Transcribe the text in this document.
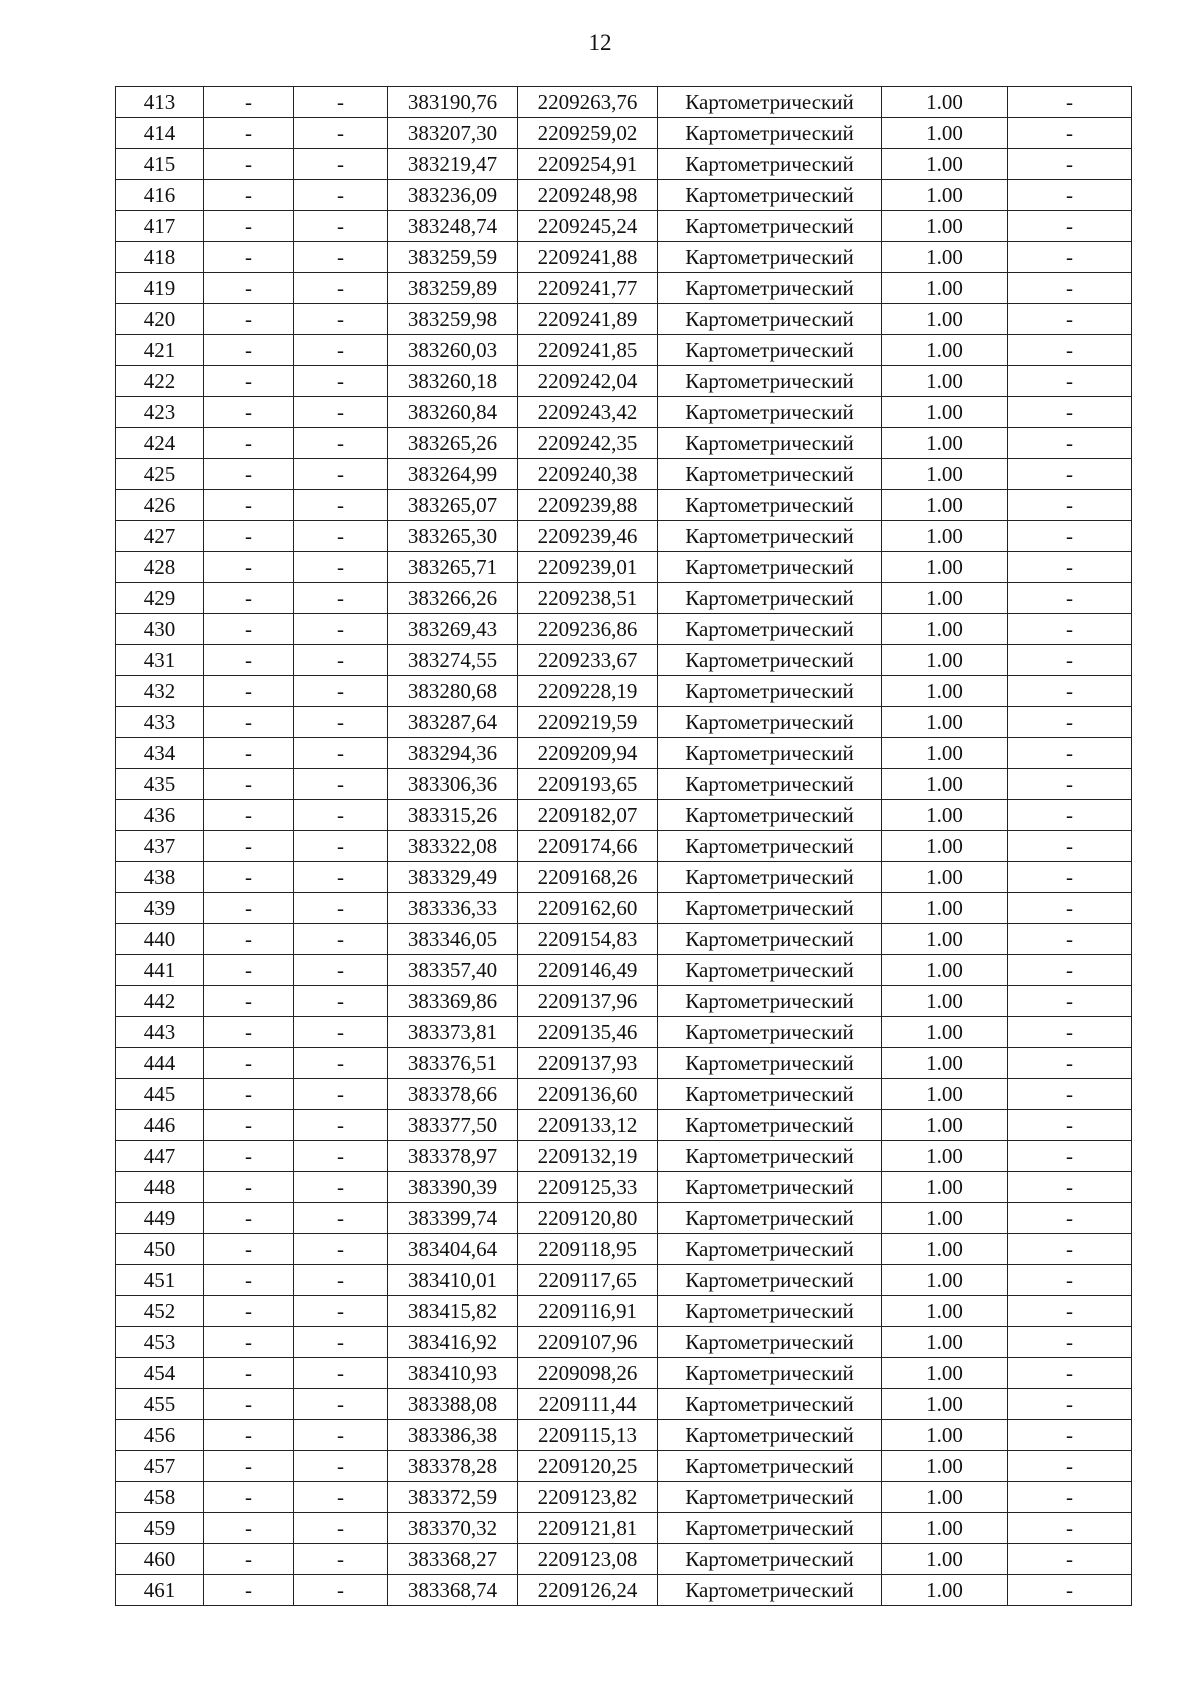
12
413	-	-	383190,76	2209263,76	Картометрический	1.00	-
414	-	-	383207,30	2209259,02	Картометрический	1.00	-
415	-	-	383219,47	2209254,91	Картометрический	1.00	-
416	-	-	383236,09	2209248,98	Картометрический	1.00	-
417	-	-	383248,74	2209245,24	Картометрический	1.00	-
418	-	-	383259,59	2209241,88	Картометрический	1.00	-
419	-	-	383259,89	2209241,77	Картометрический	1.00	-
420	-	-	383259,98	2209241,89	Картометрический	1.00	-
421	-	-	383260,03	2209241,85	Картометрический	1.00	-
422	-	-	383260,18	2209242,04	Картометрический	1.00	-
423	-	-	383260,84	2209243,42	Картометрический	1.00	-
424	-	-	383265,26	2209242,35	Картометрический	1.00	-
425	-	-	383264,99	2209240,38	Картометрический	1.00	-
426	-	-	383265,07	2209239,88	Картометрический	1.00	-
427	-	-	383265,30	2209239,46	Картометрический	1.00	-
428	-	-	383265,71	2209239,01	Картометрический	1.00	-
429	-	-	383266,26	2209238,51	Картометрический	1.00	-
430	-	-	383269,43	2209236,86	Картометрический	1.00	-
431	-	-	383274,55	2209233,67	Картометрический	1.00	-
432	-	-	383280,68	2209228,19	Картометрический	1.00	-
433	-	-	383287,64	2209219,59	Картометрический	1.00	-
434	-	-	383294,36	2209209,94	Картометрический	1.00	-
435	-	-	383306,36	2209193,65	Картометрический	1.00	-
436	-	-	383315,26	2209182,07	Картометрический	1.00	-
437	-	-	383322,08	2209174,66	Картометрический	1.00	-
438	-	-	383329,49	2209168,26	Картометрический	1.00	-
439	-	-	383336,33	2209162,60	Картометрический	1.00	-
440	-	-	383346,05	2209154,83	Картометрический	1.00	-
441	-	-	383357,40	2209146,49	Картометрический	1.00	-
442	-	-	383369,86	2209137,96	Картометрический	1.00	-
443	-	-	383373,81	2209135,46	Картометрический	1.00	-
444	-	-	383376,51	2209137,93	Картометрический	1.00	-
445	-	-	383378,66	2209136,60	Картометрический	1.00	-
446	-	-	383377,50	2209133,12	Картометрический	1.00	-
447	-	-	383378,97	2209132,19	Картометрический	1.00	-
448	-	-	383390,39	2209125,33	Картометрический	1.00	-
449	-	-	383399,74	2209120,80	Картометрический	1.00	-
450	-	-	383404,64	2209118,95	Картометрический	1.00	-
451	-	-	383410,01	2209117,65	Картометрический	1.00	-
452	-	-	383415,82	2209116,91	Картометрический	1.00	-
453	-	-	383416,92	2209107,96	Картометрический	1.00	-
454	-	-	383410,93	2209098,26	Картометрический	1.00	-
455	-	-	383388,08	2209111,44	Картометрический	1.00	-
456	-	-	383386,38	2209115,13	Картометрический	1.00	-
457	-	-	383378,28	2209120,25	Картометрический	1.00	-
458	-	-	383372,59	2209123,82	Картометрический	1.00	-
459	-	-	383370,32	2209121,81	Картометрический	1.00	-
460	-	-	383368,27	2209123,08	Картометрический	1.00	-
461	-	-	383368,74	2209126,24	Картометрический	1.00	-
